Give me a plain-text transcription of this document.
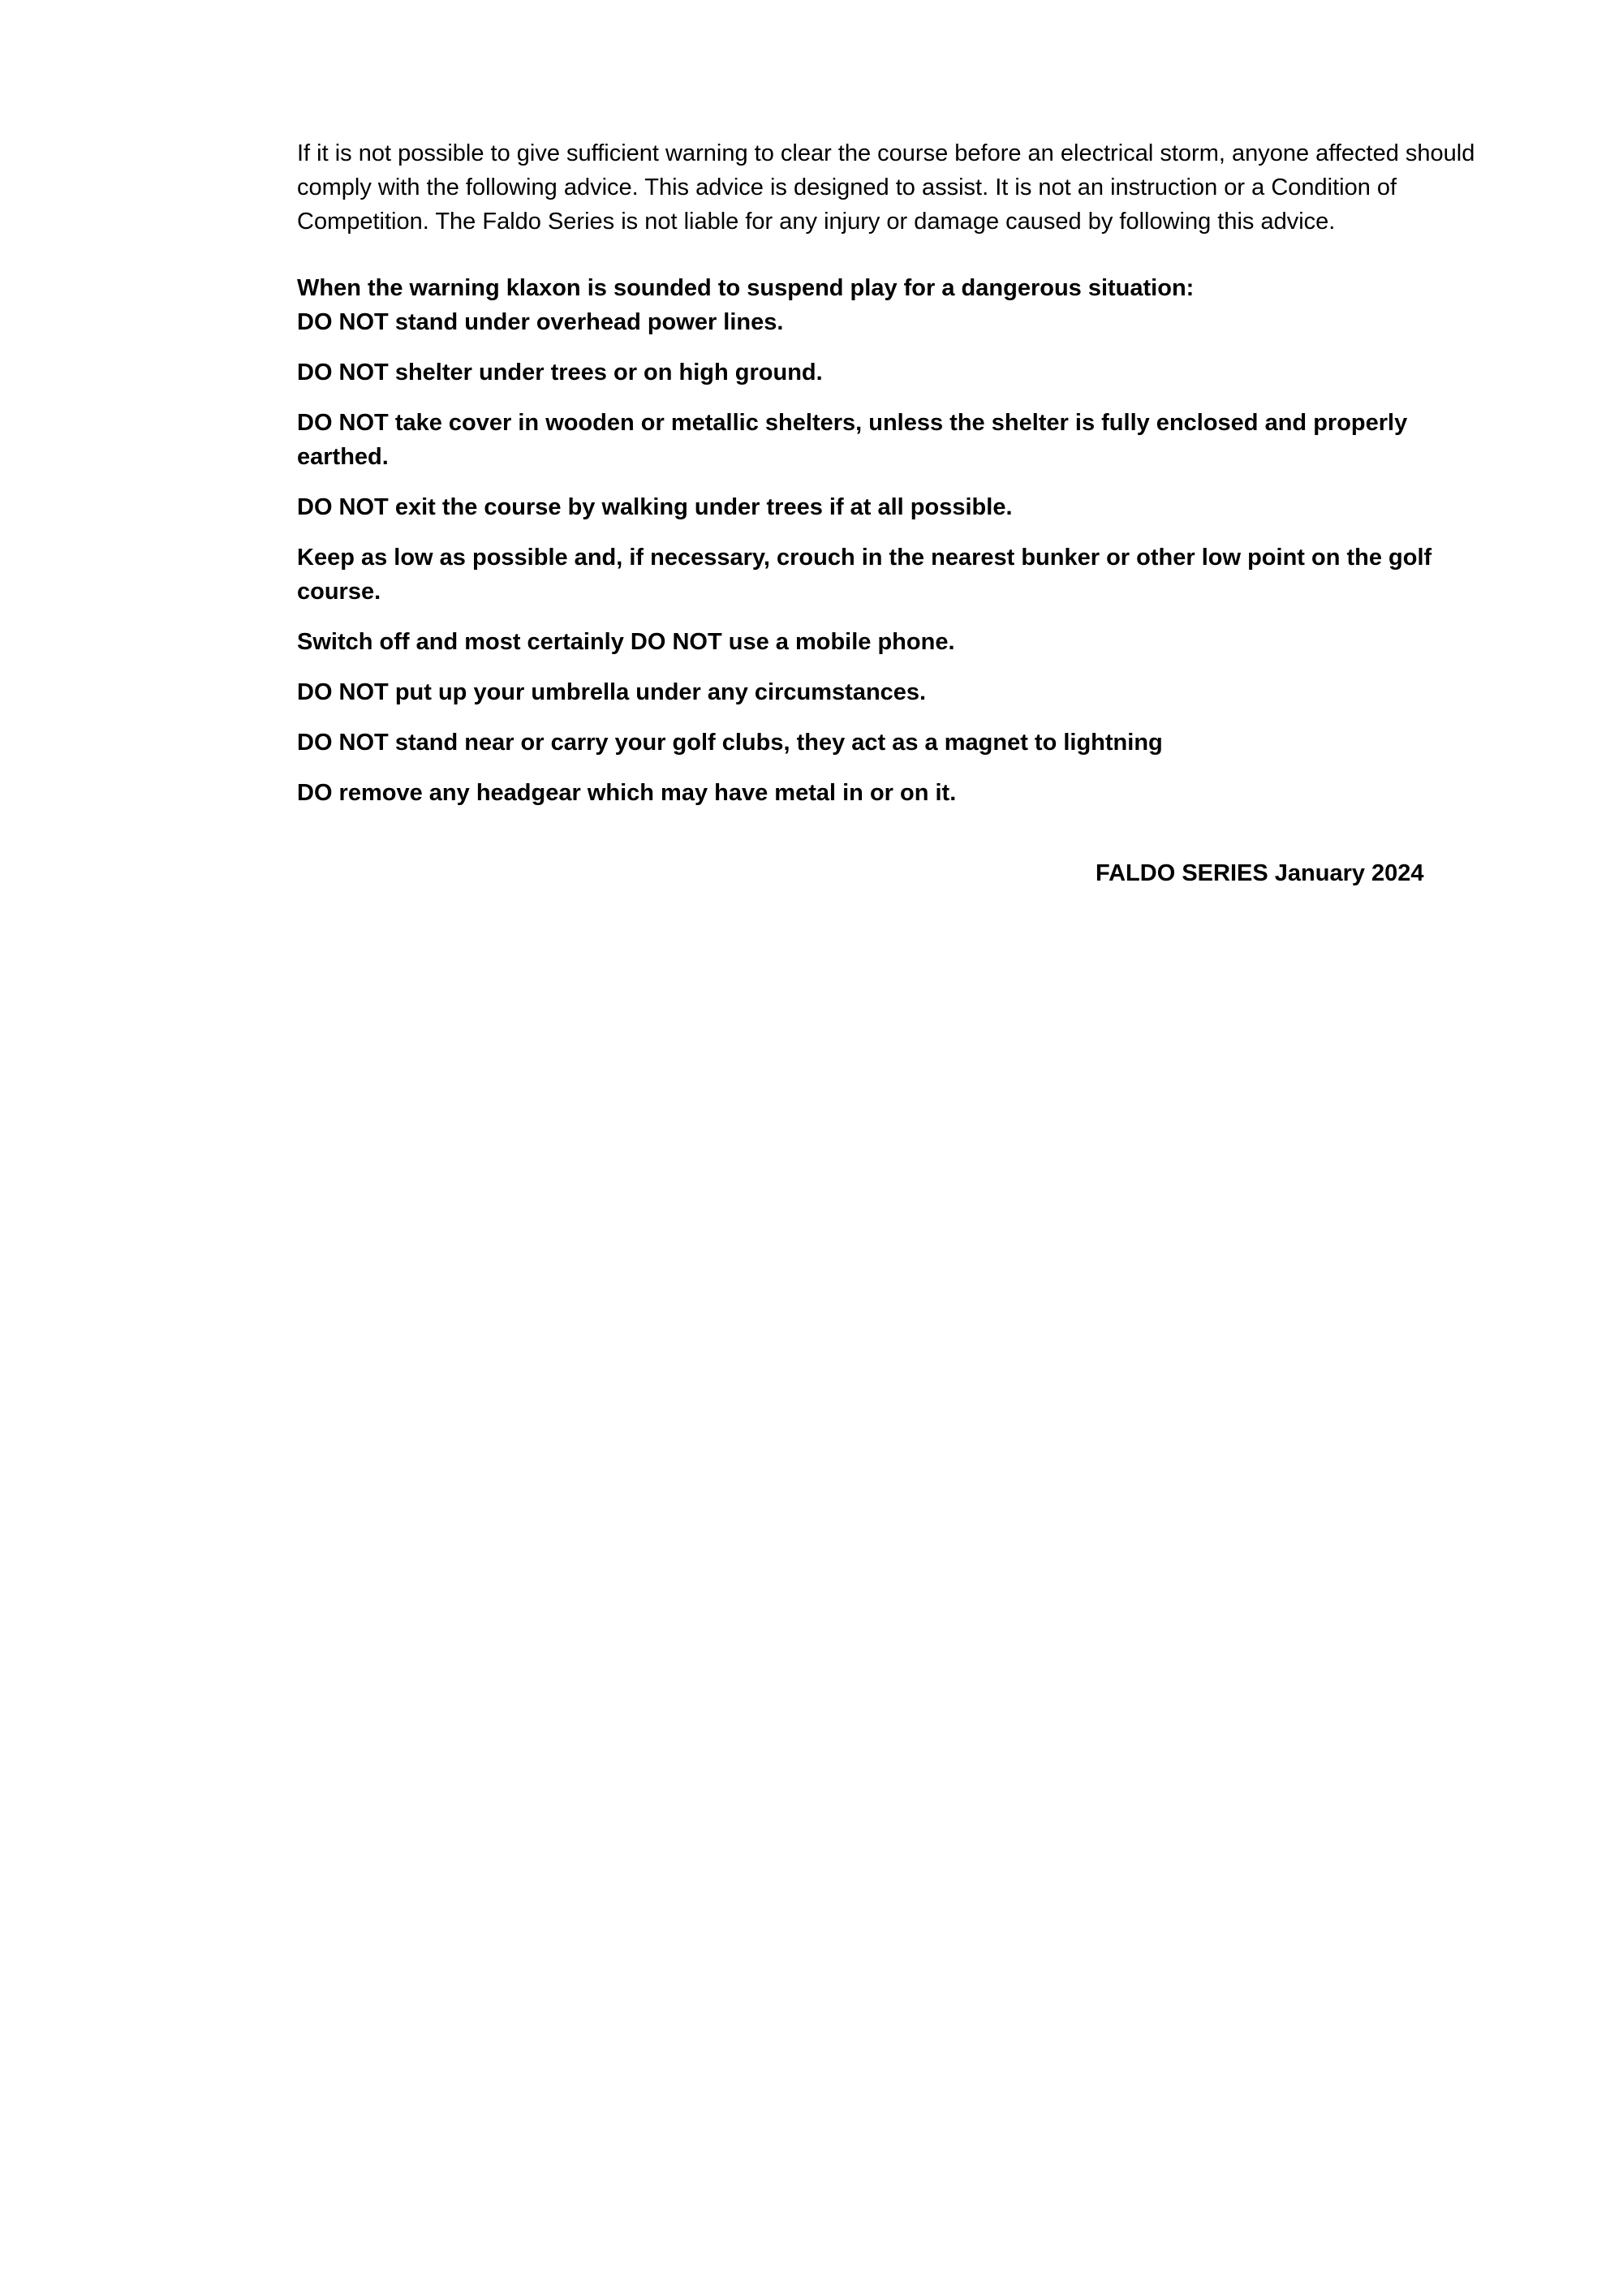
If it is not possible to give sufficient warning to clear the course before an electrical storm, anyone affected should comply with the following advice. This advice is designed to assist. It is not an instruction or a Condition of Competition. The Faldo Series is not liable for any injury or damage caused by following this advice.

When the warning klaxon is sounded to suspend play for a dangerous situation:

DO NOT stand under overhead power lines.
DO NOT shelter under trees or on high ground.
DO NOT take cover in wooden or metallic shelters, unless the shelter is fully enclosed and properly earthed.
DO NOT exit the course by walking under trees if at all possible.
Keep as low as possible and, if necessary, crouch in the nearest bunker or other low point on the golf course.
Switch off and most certainly DO NOT use a mobile phone.
DO NOT put up your umbrella under any circumstances.
DO NOT stand near or carry your golf clubs, they act as a magnet to lightning
DO remove any headgear which may have metal in or on it.
FALDO SERIES January 2024
